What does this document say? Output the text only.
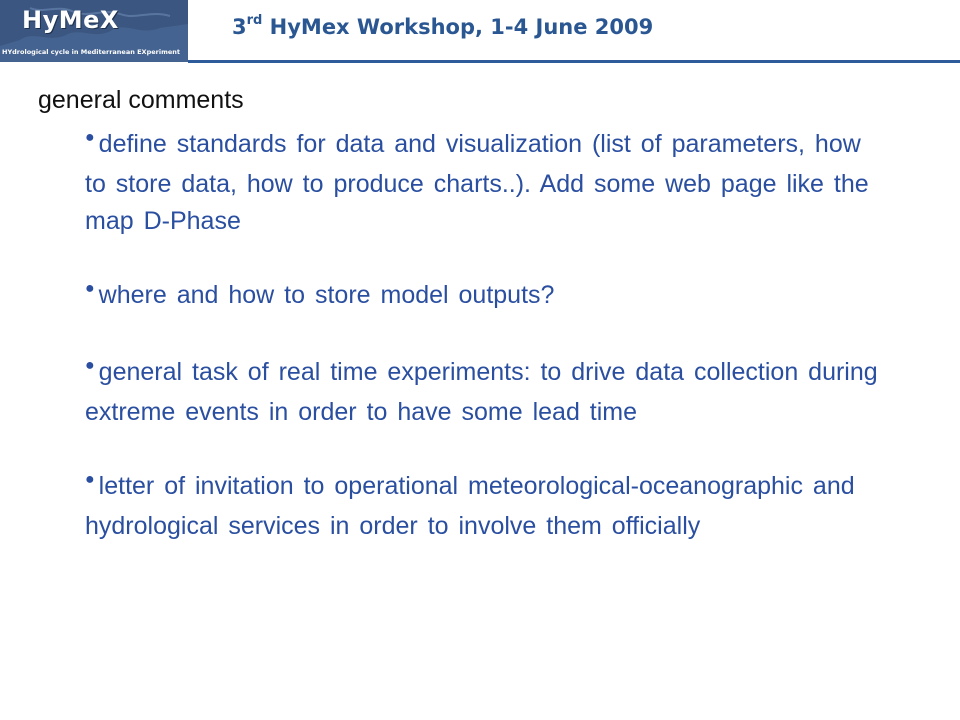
HyMeX
HYdrological cycle in Mediterranean EXperiment
3rd HyMex Workshop, 1-4 June 2009
general comments
● define standards for data and visualization (list of parameters, how to store data, how to produce charts..). Add some web page like the map D-Phase
● where and how to store model outputs?
● general task of real time experiments: to drive data collection during extreme events in order to have some lead time
● letter of invitation to operational meteorological-oceanographic and hydrological services in order to involve them officially
